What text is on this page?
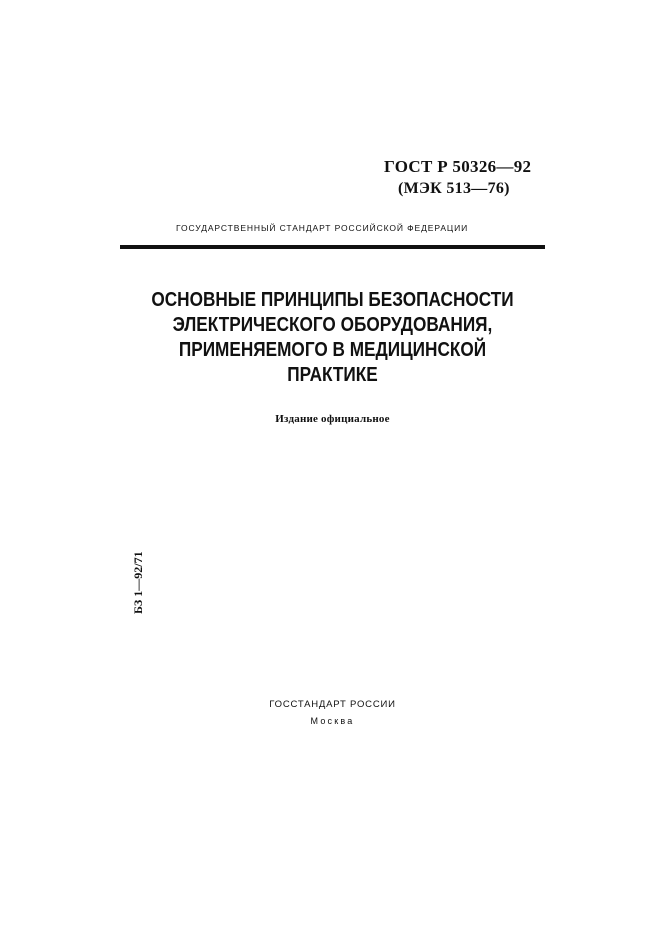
ГОСТ Р 50326—92
(МЭК 513—76)
ГОСУДАРСТВЕННЫЙ СТАНДАРТ РОССИЙСКОЙ ФЕДЕРАЦИИ
ОСНОВНЫЕ ПРИНЦИПЫ БЕЗОПАСНОСТИ
ЭЛЕКТРИЧЕСКОГО ОБОРУДОВАНИЯ,
ПРИМЕНЯЕМОГО В МЕДИЦИНСКОЙ
ПРАКТИКЕ
Издание официальное
БЗ 1—92/71
ГОССТАНДАРТ РОССИИ
Москва
